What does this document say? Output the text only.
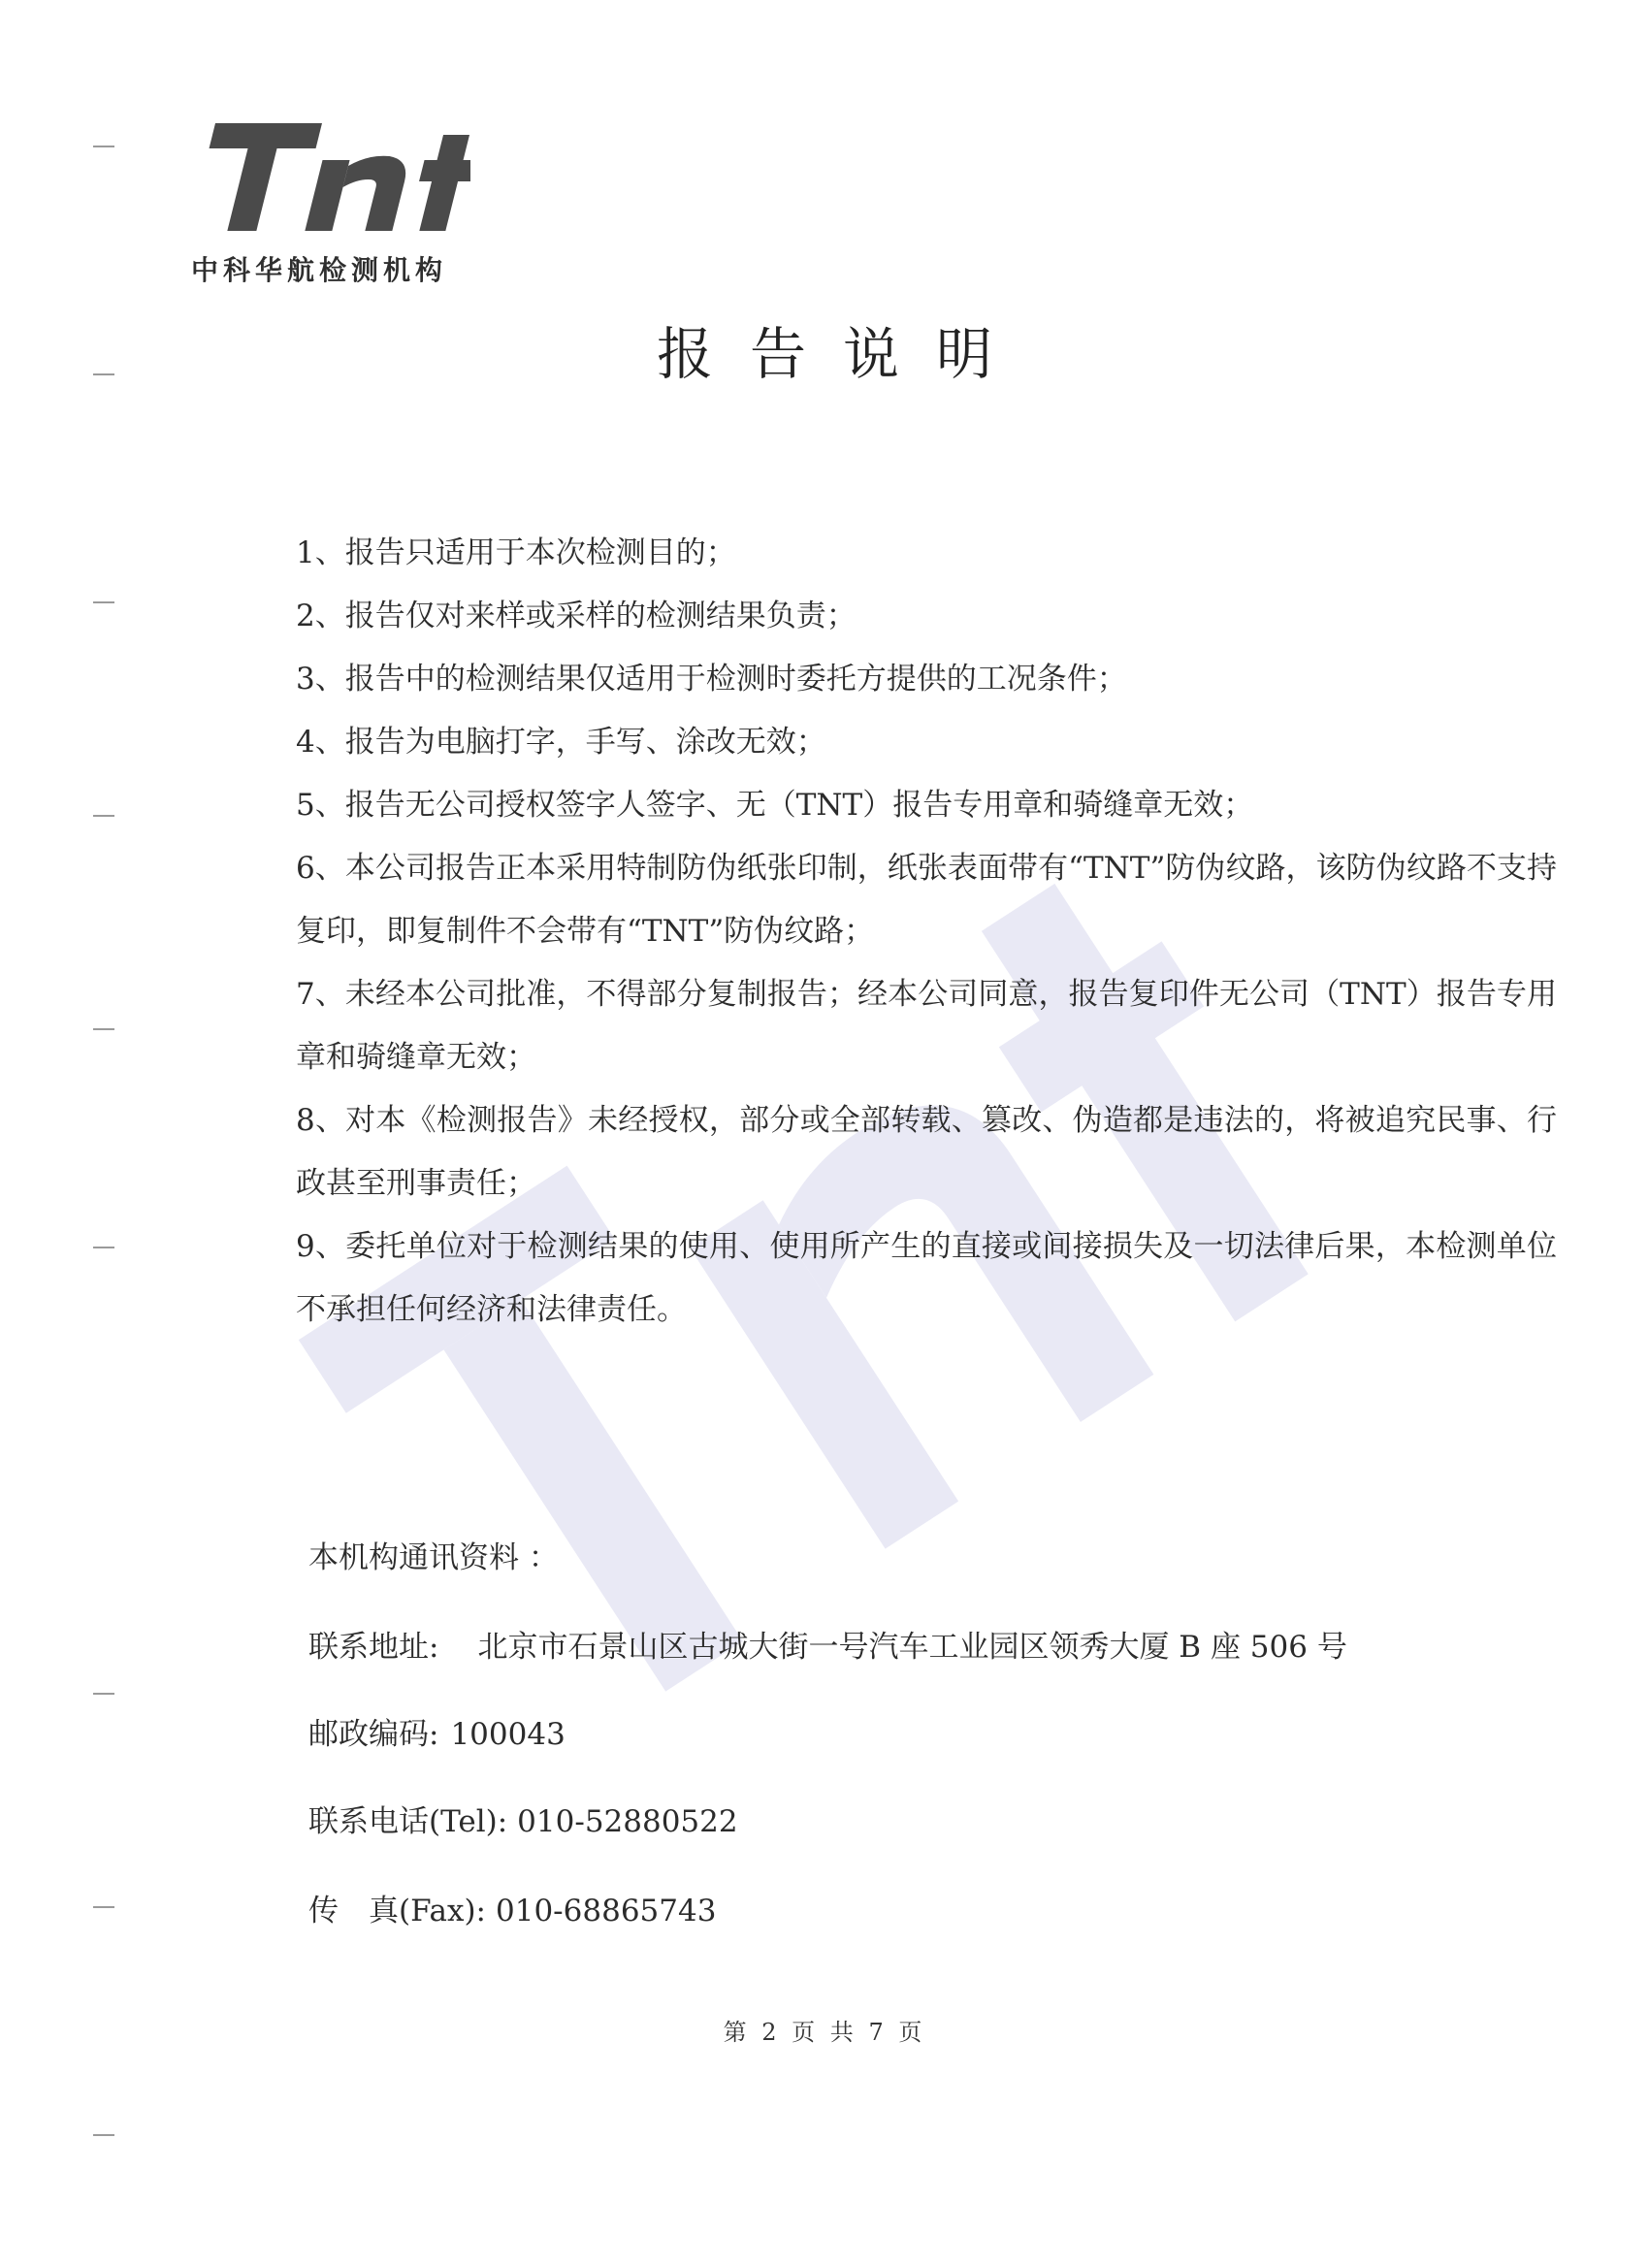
中科华航检测机构
报告说明

1、报告只适用于本次检测目的；

2、报告仅对来样或采样的检测结果负责；

3、报告中的检测结果仅适用于检测时委托方提供的工况条件；

4、报告为电脑打字，手写、涂改无效；

5、报告无公司授权签字人签字、无（TNT）报告专用章和骑缝章无效；

6、本公司报告正本采用特制防伪纸张印制，纸张表面带有“TNT”防伪纹路，该防伪纹路不支持复印，即复制件不会带有“TNT”防伪纹路；

7、未经本公司批准，不得部分复制报告；经本公司同意，报告复印件无公司（TNT）报告专用章和骑缝章无效；

8、对本《检测报告》未经授权，部分或全部转载、篡改、伪造都是违法的，将被追究民事、行政甚至刑事责任；

9、委托单位对于检测结果的使用、使用所产生的直接或间接损失及一切法律后果，本检测单位不承担任何经济和法律责任。

本机构通讯资料 ：
联系地址: 北京市石景山区古城大街一号汽车工业园区领秀大厦 B 座 506 号
邮政编码: 100043
联系电话(Tel): 010-52880522
传　真(Fax): 010-68865743
第 2 页 共 7 页
